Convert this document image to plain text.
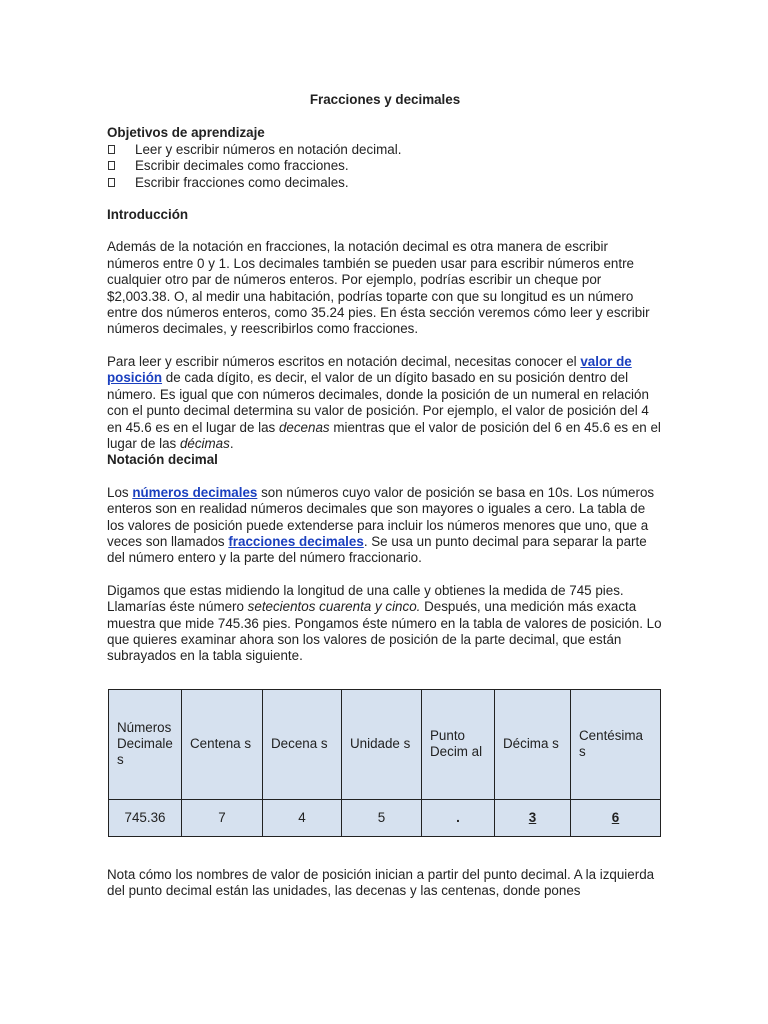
Fracciones y decimales

Objetivos de aprendizaje

Leer y escribir números en notación decimal.
Escribir decimales como fracciones.
Escribir fracciones como decimales.

Introducción

Además de la notación en fracciones, la notación decimal es otra manera de escribir números entre 0 y 1. Los decimales también se pueden usar para escribir números entre cualquier otro par de números enteros. Por ejemplo, podrías escribir un cheque por $2,003.38. O, al medir una habitación, podrías toparte con que su longitud es un número entre dos números enteros, como 35.24 pies. En ésta sección veremos cómo leer y escribir números decimales, y reescribirlos como fracciones.

Para leer y escribir números escritos en notación decimal, necesitas conocer el valor de posición de cada dígito, es decir, el valor de un dígito basado en su posición dentro del número. Es igual que con números decimales, donde la posición de un numeral en relación con el punto decimal determina su valor de posición. Por ejemplo, el valor de posición del 4 en 45.6 es en el lugar de las decenas mientras que el valor de posición del 6 en 45.6 es en el lugar de las décimas.

Notación decimal

Los números decimales son números cuyo valor de posición se basa en 10s. Los números enteros son en realidad números decimales que son mayores o iguales a cero. La tabla de los valores de posición puede extenderse para incluir los números menores que uno, que a veces son llamados fracciones decimales. Se usa un punto decimal para separar la parte del número entero y la parte del número fraccionario.

Digamos que estas midiendo la longitud de una calle y obtienes la medida de 745 pies. Llamarías éste número setecientos cuarenta y cinco. Después, una medición más exacta muestra que mide 745.36 pies. Pongamos éste número en la tabla de valores de posición. Lo que quieres examinar ahora son los valores de posición de la parte decimal, que están subrayados en la tabla siguiente.

Números Decimale s	Centena s	Decena s	Unidade s	Punto Decim al	Décima s	Centésima s
745.36	7	4	5	.	3	6

Nota cómo los nombres de valor de posición inician a partir del punto decimal. A la izquierda del punto decimal están las unidades, las decenas y las centenas, donde pones
